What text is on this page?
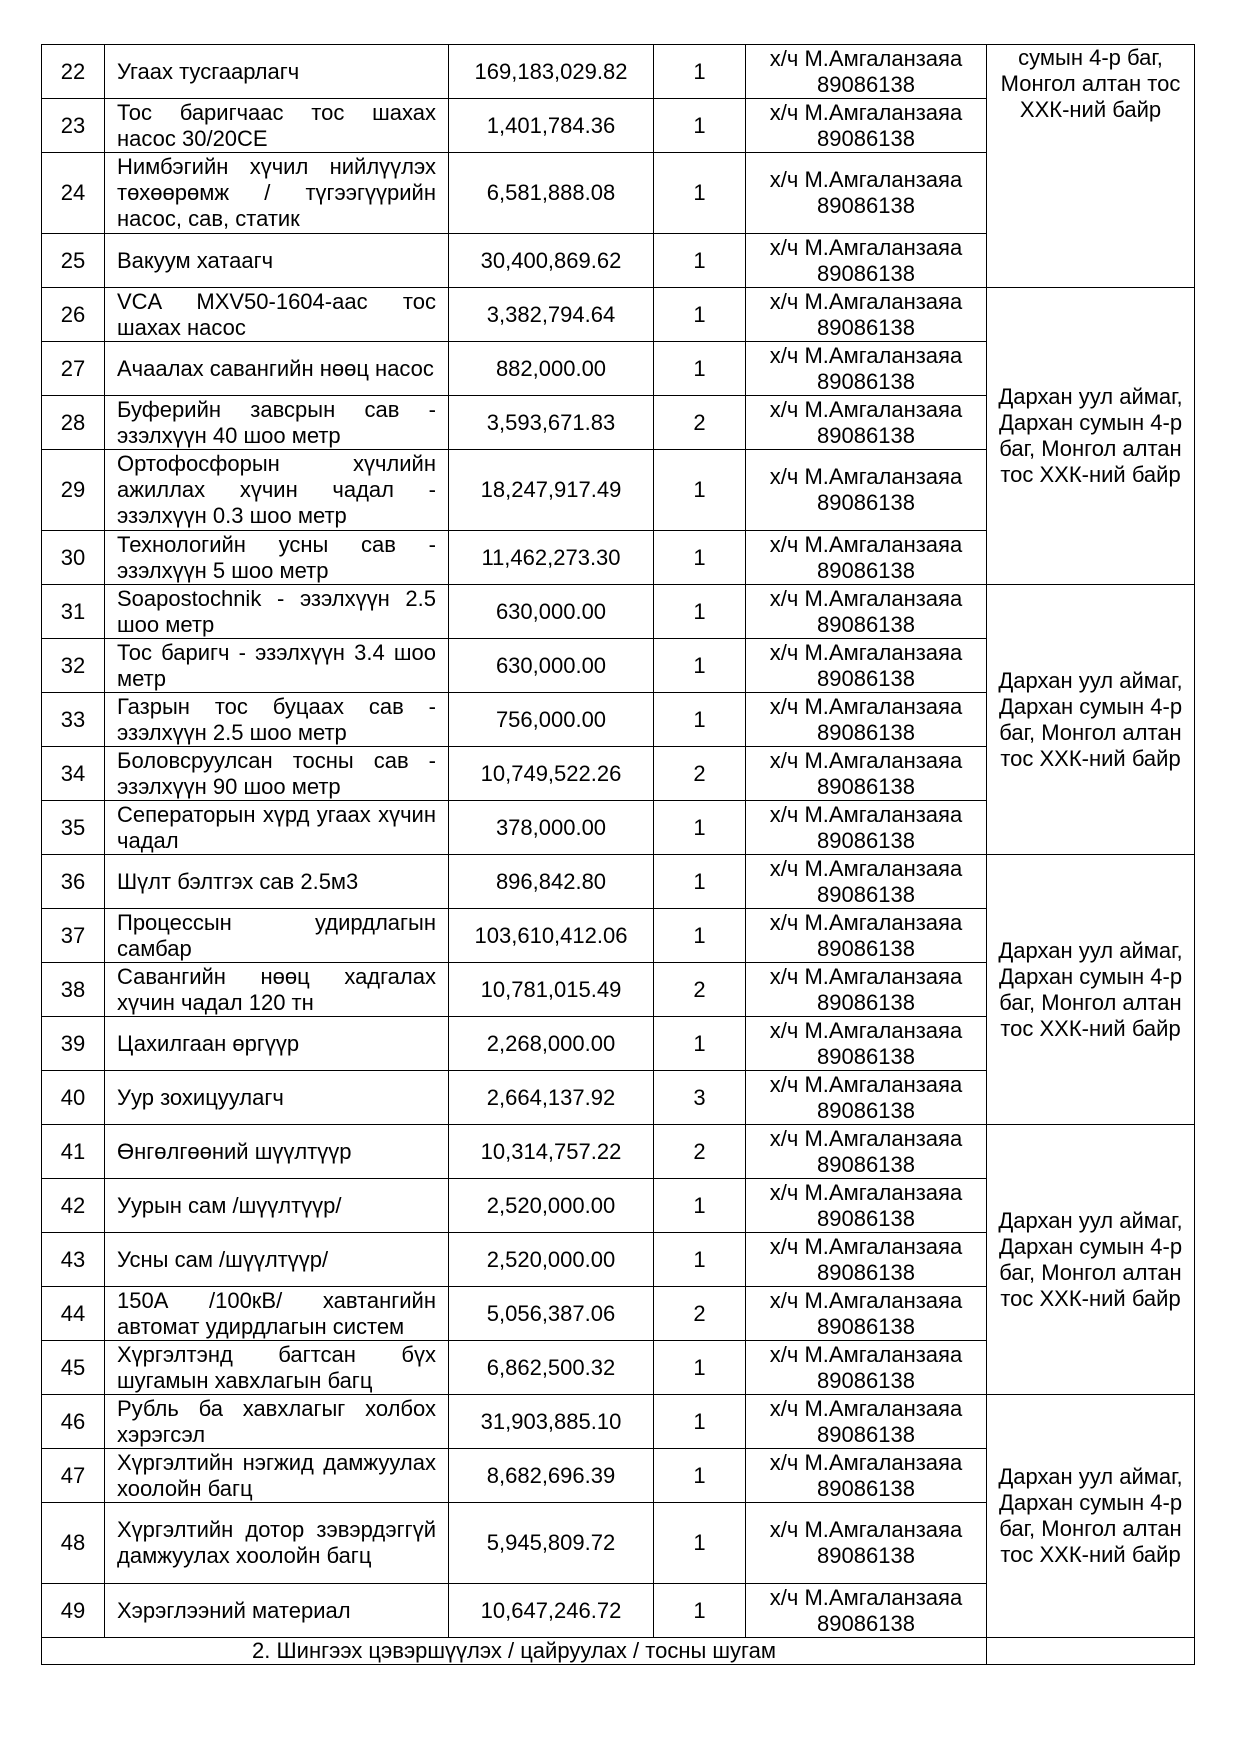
22	Угаах тусгаарлагч	169,183,029.82	1	х/ч М.Амгаланзаяа 89086138	сумын 4-р баг, Монгол алтан тос ХХК-ний байр
23	Тос баригчаас тос шахах насос 30/20CE	1,401,784.36	1	х/ч М.Амгаланзаяа 89086138	
24	Нимбэгийн хүчил нийлүүлэх төхөөрөмж / түгээгүүрийн насос, сав, статик	6,581,888.08	1	х/ч М.Амгаланзаяа 89086138	
25	Вакуум хатаагч	30,400,869.62	1	х/ч М.Амгаланзаяа 89086138	
26	VCA MXV50-1604-аас тос шахах насос	3,382,794.64	1	х/ч М.Амгаланзаяа 89086138	Дархан уул аймаг, Дархан сумын 4-р баг, Монгол алтан тос ХХК-ний байр
27	Ачаалах савангийн нөөц насос	882,000.00	1	х/ч М.Амгаланзаяа 89086138	
28	Буферийн завсрын сав - эзэлхүүн 40 шоо метр	3,593,671.83	2	х/ч М.Амгаланзаяа 89086138	
29	Ортофосфорын хүчлийн ажиллах хүчин чадал - эзэлхүүн 0.3 шоо метр	18,247,917.49	1	х/ч М.Амгаланзаяа 89086138	
30	Технологийн усны сав - эзэлхүүн 5 шоо метр	11,462,273.30	1	х/ч М.Амгаланзаяа 89086138	
31	Soapostochnik - эзэлхүүн 2.5 шоо метр	630,000.00	1	х/ч М.Амгаланзаяа 89086138	Дархан уул аймаг, Дархан сумын 4-р баг, Монгол алтан тос ХХК-ний байр
32	Тос баригч - эзэлхүүн 3.4 шоо метр	630,000.00	1	х/ч М.Амгаланзаяа 89086138	
33	Газрын тос буцаах сав - эзэлхүүн 2.5 шоо метр	756,000.00	1	х/ч М.Амгаланзаяа 89086138	
34	Боловсруулсан тосны сав - эзэлхүүн 90 шоо метр	10,749,522.26	2	х/ч М.Амгаланзаяа 89086138	
35	Сеператорын хүрд угаах хүчин чадал	378,000.00	1	х/ч М.Амгаланзаяа 89086138	
36	Шүлт бэлтгэх сав 2.5м3	896,842.80	1	х/ч М.Амгаланзаяа 89086138	Дархан уул аймаг, Дархан сумын 4-р баг, Монгол алтан тос ХХК-ний байр
37	Процессын удирдлагын самбар	103,610,412.06	1	х/ч М.Амгаланзаяа 89086138	
38	Савангийн нөөц хадгалах хүчин чадал 120 тн	10,781,015.49	2	х/ч М.Амгаланзаяа 89086138	
39	Цахилгаан өргүүр	2,268,000.00	1	х/ч М.Амгаланзаяа 89086138	
40	Уур зохицуулагч	2,664,137.92	3	х/ч М.Амгаланзаяа 89086138	
41	Өнгөлгөөний шүүлтүүр	10,314,757.22	2	х/ч М.Амгаланзаяа 89086138	Дархан уул аймаг, Дархан сумын 4-р баг, Монгол алтан тос ХХК-ний байр
42	Уурын сам /шүүлтүүр/	2,520,000.00	1	х/ч М.Амгаланзаяа 89086138	
43	Усны сам /шүүлтүүр/	2,520,000.00	1	х/ч М.Амгаланзаяа 89086138	
44	150А /100кВ/ хавтангийн автомат удирдлагын систем	5,056,387.06	2	х/ч М.Амгаланзаяа 89086138	
45	Хүргэлтэнд багтсан бүх шугамын хавхлагын багц	6,862,500.32	1	х/ч М.Амгаланзаяа 89086138	
46	Рубль ба хавхлагыг холбох хэрэгсэл	31,903,885.10	1	х/ч М.Амгаланзаяа 89086138	Дархан уул аймаг, Дархан сумын 4-р баг, Монгол алтан тос ХХК-ний байр
47	Хүргэлтийн нэгжид дамжуулах хоолойн багц	8,682,696.39	1	х/ч М.Амгаланзаяа 89086138	
48	Хүргэлтийн дотор зэвэрдэггүй дамжуулах хоолойн багц	5,945,809.72	1	х/ч М.Амгаланзаяа 89086138	
49	Хэрэглээний материал	10,647,246.72	1	х/ч М.Амгаланзаяа 89086138	
2. Шингээх цэвэршүүлэх / цайруулах / тосны шугам					
